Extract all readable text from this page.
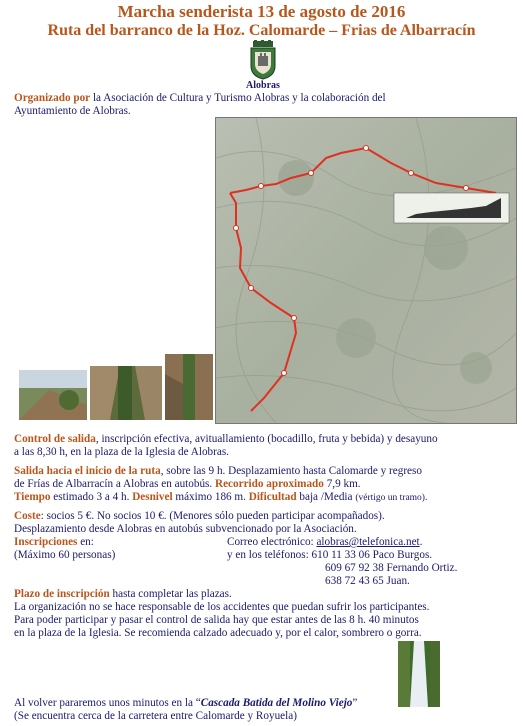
Marcha senderista 13 de agosto de 2016
Ruta del barranco de la Hoz. Calomarde – Frias de Albarracín
Alobras
Organizado por la Asociación de Cultura y Turismo Alobras y la colaboración del
Ayuntamiento de Alobras.
Control de salida, inscripción efectiva, avituallamiento (bocadillo, fruta y bebida) y desayuno
a las 8,30 h, en la plaza de la Iglesia de Alobras.
Salida hacia el inicio de la ruta, sobre las 9 h. Desplazamiento hasta Calomarde y regreso
de Frías de Albarracín a Alobras en autobús. Recorrido aproximado 7,9 km.
Tiempo estimado 3 a 4 h. Desnivel máximo 186 m. Dificultad baja /Media (vértigo un tramo).
Coste: socios 5 €. No socios 10 €. (Menores sólo pueden participar acompañados).
Desplazamiento desde Alobras en autobús subvencionado por la Asociación.
Inscripciones en:
(Máximo 60 personas)
Correo electrónico: alobras@telefonica.net.
y en los teléfonos: 610 11 33 06 Paco Burgos.
609 67 92 38 Fernando Ortiz.
638 72 43 65 Juan.
Plazo de inscripción hasta completar las plazas.
La organización no se hace responsable de los accidentes que puedan sufrir los participantes.
Para poder participar y pasar el control de salida hay que estar antes de las 8 h. 40 minutos
en la plaza de la Iglesia. Se recomienda calzado adecuado y, por el calor, sombrero o gorra.
Al volver pararemos unos minutos en la “Cascada Batida del Molino Viejo”
(Se encuentra cerca de la carretera entre Calomarde y Royuela)
